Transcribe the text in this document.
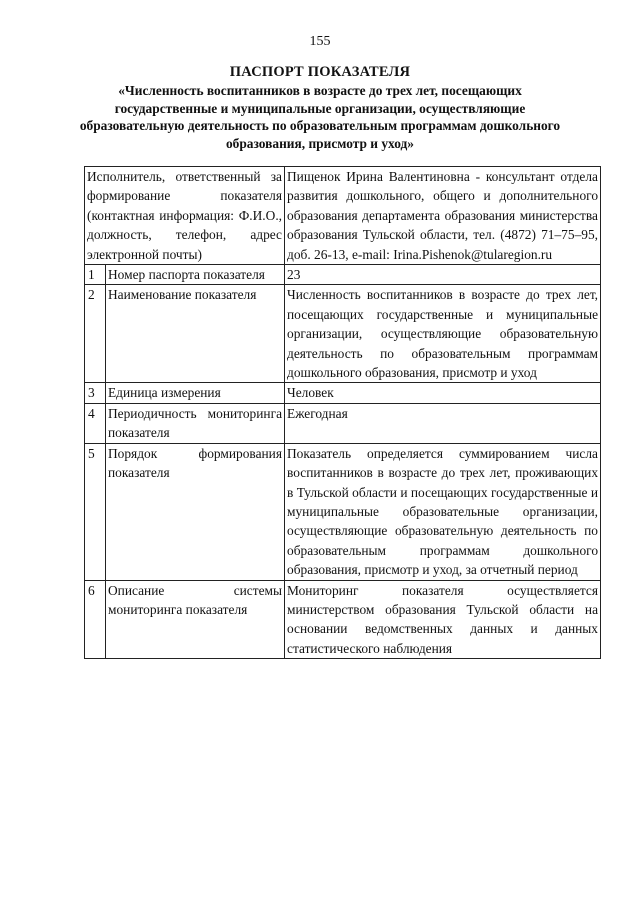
155
ПАСПОРТ ПОКАЗАТЕЛЯ
«Численность воспитанников в возрасте до трех лет, посещающих государственные и муниципальные организации, осуществляющие образовательную деятельность по образовательным программам дошкольного образования, присмотр и уход»
Исполнитель, ответственный за формирование показателя (контактная информация: Ф.И.О., должность, телефон, адрес электронной почты)		Пищенок Ирина Валентиновна - консультант отдела развития дошкольного, общего и дополнительного образования департамента образования министерства образования Тульской области, тел. (4872) 71–75–95, доб. 26-13, e-mail: Irina.Pishenok@tularegion.ru
1	Номер паспорта показателя	23
2	Наименование показателя	Численность воспитанников в возрасте до трех лет, посещающих государственные и муниципальные организации, осуществляющие образовательную деятельность по образовательным программам дошкольного образования, присмотр и уход
3	Единица измерения	Человек
4	Периодичность мониторинга показателя	Ежегодная
5	Порядок формирования показателя	Показатель определяется суммированием числа воспитанников в возрасте до трех лет, проживающих в Тульской области и посещающих государственные и муниципальные образовательные организации, осуществляющие образовательную деятельность по образовательным программам дошкольного образования, присмотр и уход, за отчетный период
6	Описание системы мониторинга показателя	Мониторинг показателя осуществляется министерством образования Тульской области на основании ведомственных данных и данных статистического наблюдения
